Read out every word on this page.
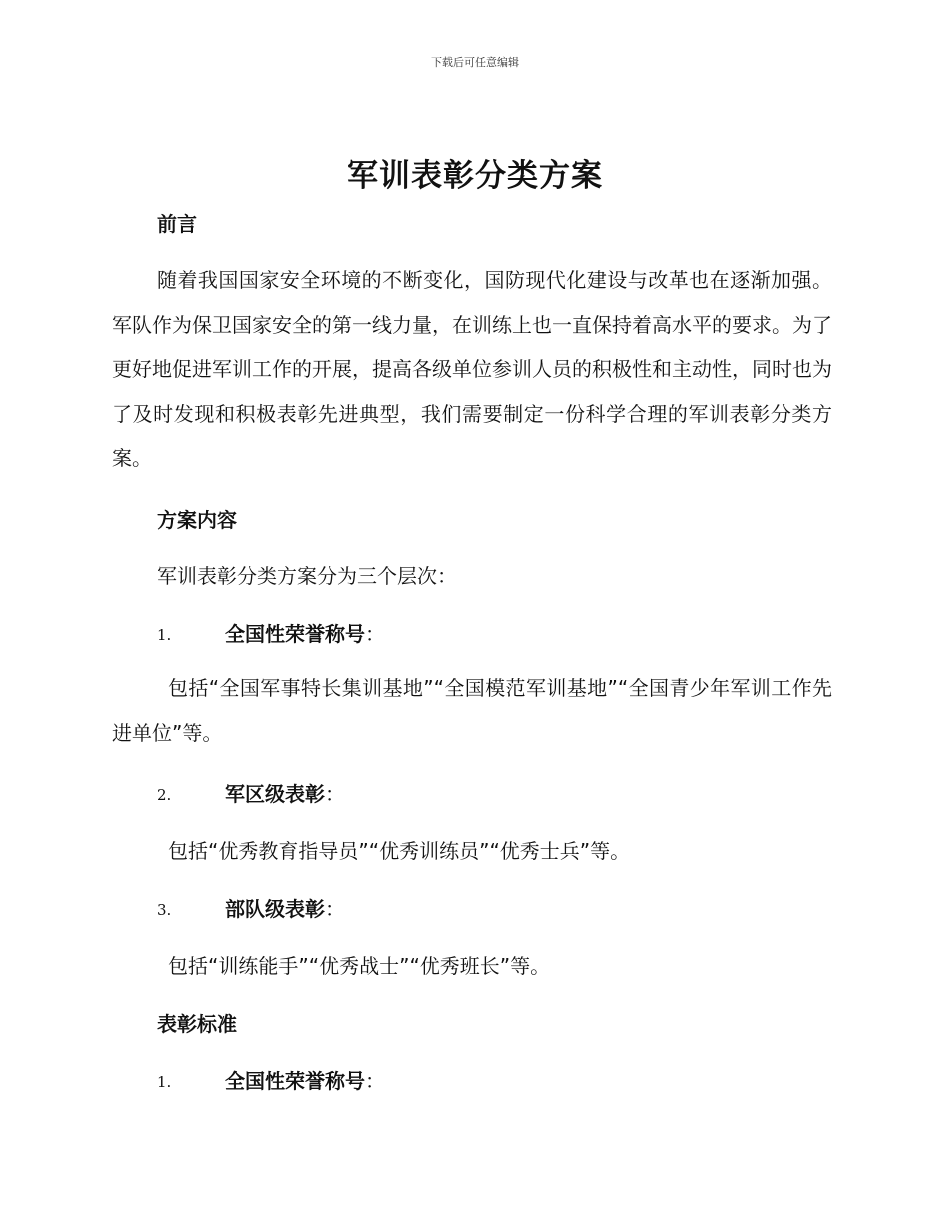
下载后可任意编辑
军训表彰分类方案
前言

随着我国国家安全环境的不断变化，国防现代化建设与改革也在逐渐加强。军队作为保卫国家安全的第一线力量，在训练上也一直保持着高水平的要求。为了更好地促进军训工作的开展，提高各级单位参训人员的积极性和主动性，同时也为了及时发现和积极表彰先进典型，我们需要制定一份科学合理的军训表彰分类方案。

方案内容

军训表彰分类方案分为三个层次：

1.	全国性荣誉称号：

包括“全国军事特长集训基地”“全国模范军训基地”“全国青少年军训工作先进单位”等。

2.	军区级表彰：

包括“优秀教育指导员”“优秀训练员”“优秀士兵”等。

3.	部队级表彰：

包括“训练能手”“优秀战士”“优秀班长”等。

表彰标准
1.	全国性荣誉称号：
